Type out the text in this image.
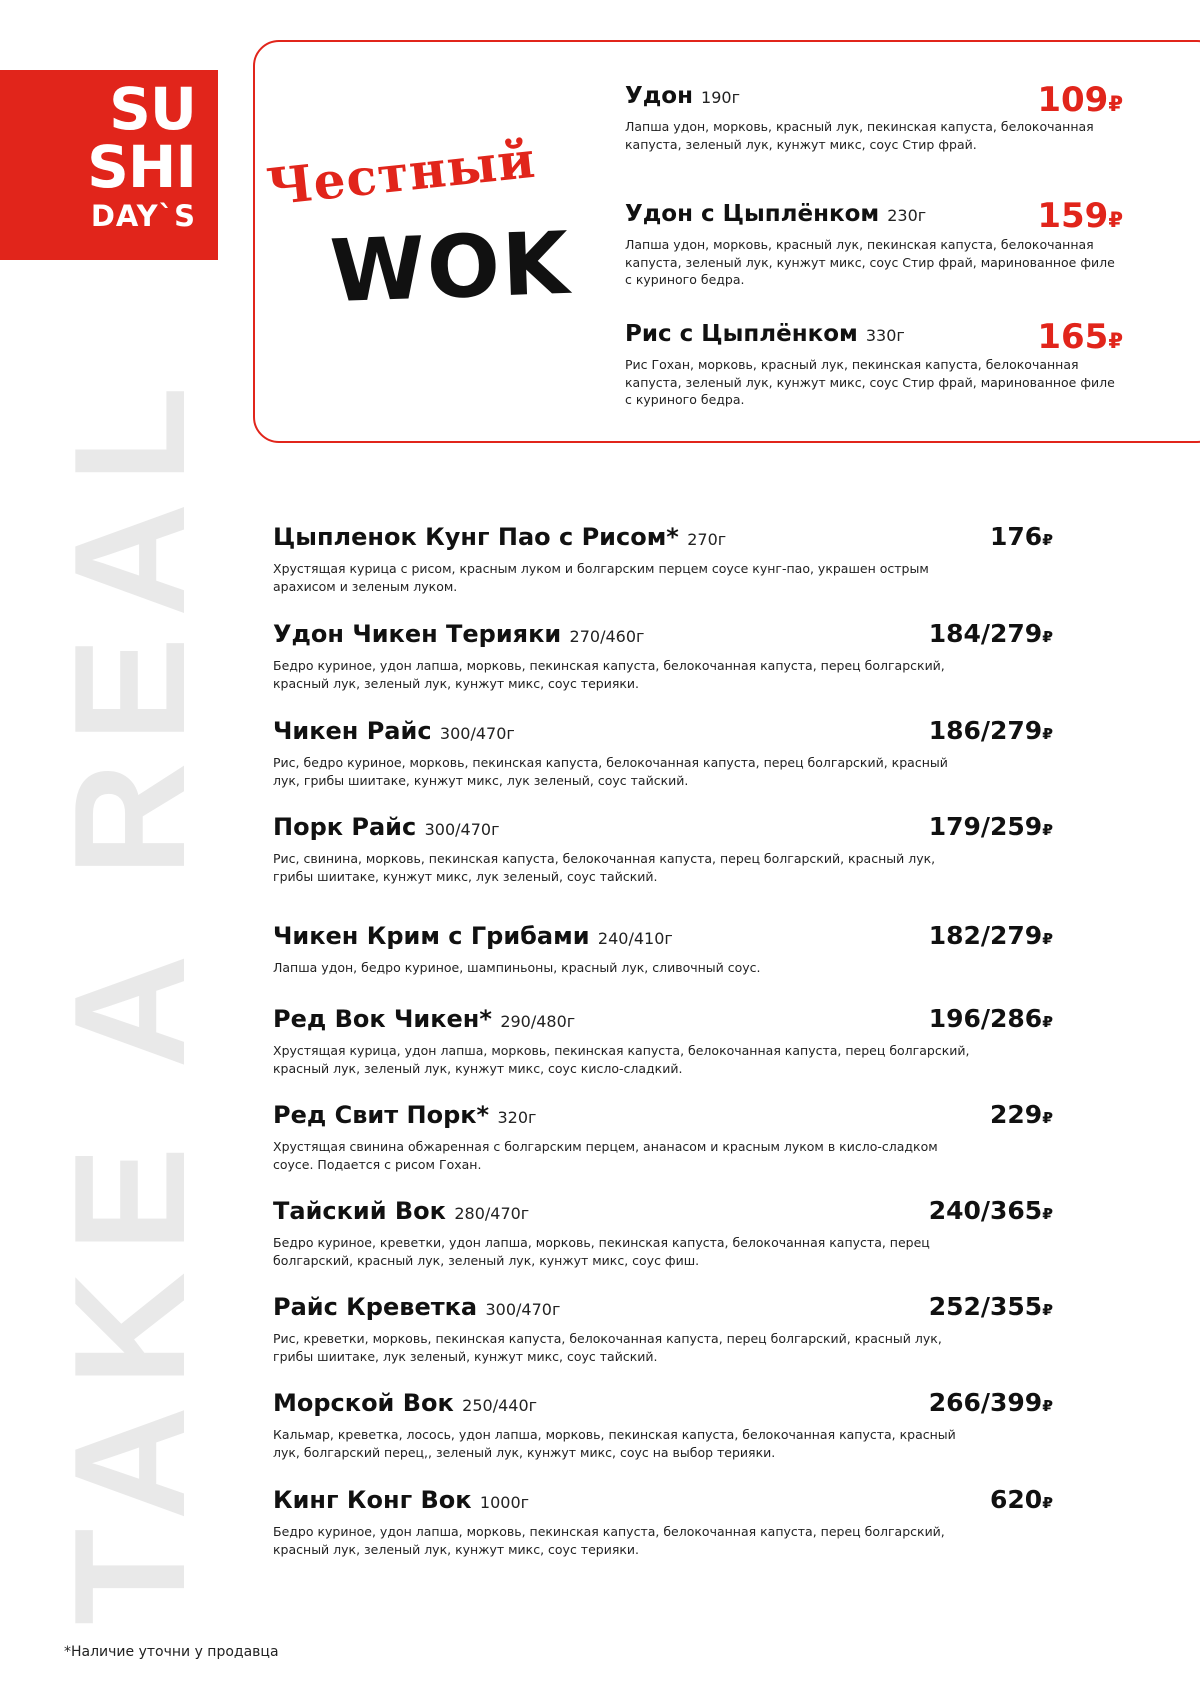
SU
SHI
DAY`S
TAKE A REAL
Честный
WOK
Удон 190г
Лапша удон, морковь, красный лук, пекинская капуста, белокочанная капуста, зеленый лук, кунжут микс, соус Стир фрай.
109₽
Удон с Цыплёнком 230г
Лапша удон, морковь, красный лук, пекинская капуста, белокочанная капуста, зеленый лук, кунжут микс, соус Стир фрай, маринованное филе с куриного бедра.
159₽
Рис с Цыплёнком 330г
Рис Гохан, морковь, красный лук, пекинская капуста, белокочанная капуста, зеленый лук, кунжут микс, соус Стир фрай, маринованное филе с куриного бедра.
165₽
Цыпленок Кунг Пао с Рисом* 270г
Хрустящая курица с рисом, красным луком и болгарским перцем соусе кунг-пао, украшен острым арахисом и зеленым луком.
176₽
Удон Чикен Терияки 270/460г
Бедро куриное, удон лапша, морковь, пекинская капуста, белокочанная капуста, перец болгарский, красный лук, зеленый лук, кунжут микс, соус терияки.
184/279₽
Чикен Райс 300/470г
Рис, бедро куриное, морковь, пекинская капуста, белокочанная капуста, перец болгарский, красный лук, грибы шиитаке, кунжут микс, лук зеленый, соус тайский.
186/279₽
Порк Райс 300/470г
Рис, свинина, морковь, пекинская капуста, белокочанная капуста, перец болгарский, красный лук, грибы шиитаке, кунжут микс, лук зеленый, соус тайский.
179/259₽
Чикен Крим с Грибами 240/410г
Лапша удон, бедро куриное, шампиньоны, красный лук, сливочный соус.
182/279₽
Ред Вок Чикен* 290/480г
Хрустящая курица, удон лапша, морковь, пекинская капуста, белокочанная капуста, перец болгарский, красный лук, зеленый лук, кунжут микс, соус кисло-сладкий.
196/286₽
Ред Свит Порк* 320г
Хрустящая свинина обжаренная с болгарским перцем, ананасом и красным луком в кисло-сладком соусе. Подается с рисом Гохан.
229₽
Тайский Вок 280/470г
Бедро куриное, креветки, удон лапша, морковь, пекинская капуста, белокочанная капуста, перец болгарский, красный лук, зеленый лук, кунжут микс, соус фиш.
240/365₽
Райс Креветка 300/470г
Рис, креветки, морковь, пекинская капуста, белокочанная капуста, перец болгарский, красный лук, грибы шиитаке, лук зеленый, кунжут микс, соус тайский.
252/355₽
Морской Вок 250/440г
Кальмар, креветка, лосось, удон лапша, морковь, пекинская капуста, белокочанная капуста, красный лук, болгарский перец,, зеленый лук, кунжут микс, соус на выбор терияки.
266/399₽
Кинг Конг Вок 1000г
Бедро куриное, удон лапша, морковь, пекинская капуста, белокочанная капуста, перец болгарский, красный лук, зеленый лук, кунжут микс, соус терияки.
620₽
*Наличие уточни у продавца
